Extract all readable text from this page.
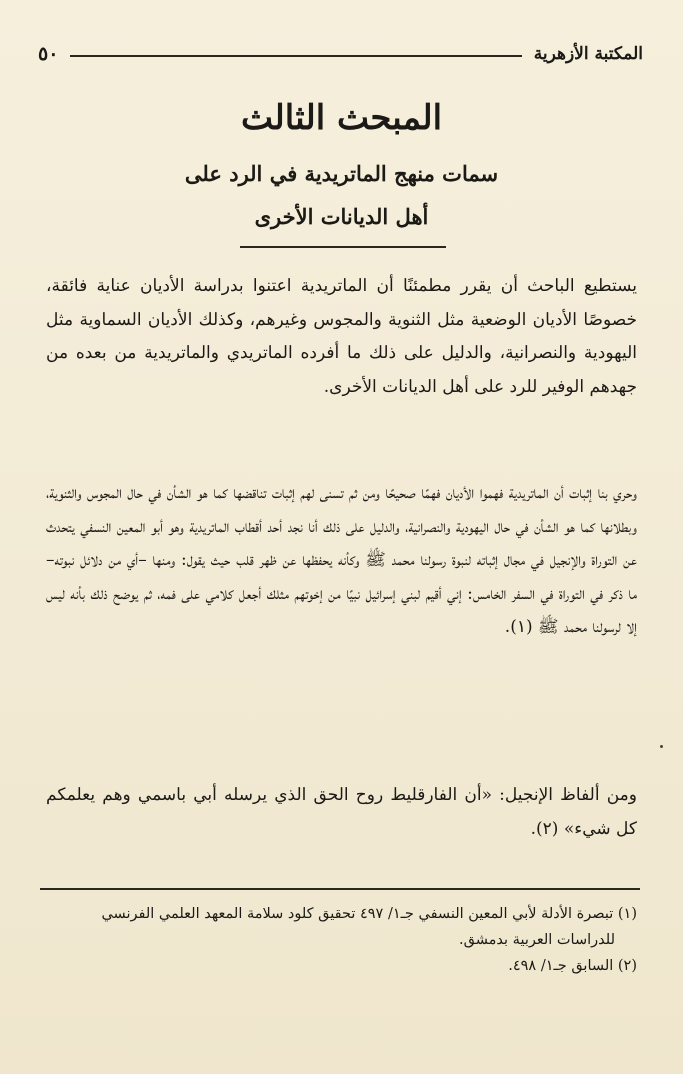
المكتبة الأزهرية
٥٠
المبحث الثالث
سمات منهج الماتريدية في الرد على
أهل الديانات الأخرى

يستطيع الباحث أن يقرر مطمئنًا أن الماتريدية اعتنوا بدراسة الأديان عناية فائقة، خصوصًا الأديان الوضعية مثل الثنوية والمجوس وغيرهم، وكذلك الأديان السماوية مثل اليهودية والنصرانية، والدليل على ذلك ما أفرده الماتريدي والماتريدية من بعده من جهدهم الوفير للرد على أهل الديانات الأخرى.

وحري بنا إثبات أن الماتريدية فهموا الأديان فهمًا صحيحًا ومن ثم تسنى لهم إثبات تناقضها كما هو الشأن في حال المجوس والثنوية، وبطلانها كما هو الشأن في حال اليهودية والنصرانية، والدليل على ذلك أنا نجد أحد أقطاب الماتريدية وهو أبو المعين النسفي يتحدث عن التوراة والإنجيل في مجال إثباته لنبوة رسولنا محمد ﷺ وكأنه يحفظها عن ظهر قلب حيث يقول: ومنها –أي من دلائل نبوته– ما ذكر في التوراة في السفر الخامس: إني أقيم لبني إسرائيل نبيًا من إخوتهم مثلك أجعل كلامي على فمه، ثم يوضح ذلك بأنه ليس إلا لرسولنا محمد ﷺ (١).

ومن ألفاظ الإنجيل: «أن الفارقليط روح الحق الذي يرسله أبي باسمي وهم يعلمكم كل شيء» (٢).

(١) تبصرة الأدلة لأبي المعين النسفي جـ١/ ٤٩٧ تحقيق كلود سلامة المعهد العلمي الفرنسي

للدراسات العربية بدمشق.

(٢) السابق جـ١/ ٤٩٨.
